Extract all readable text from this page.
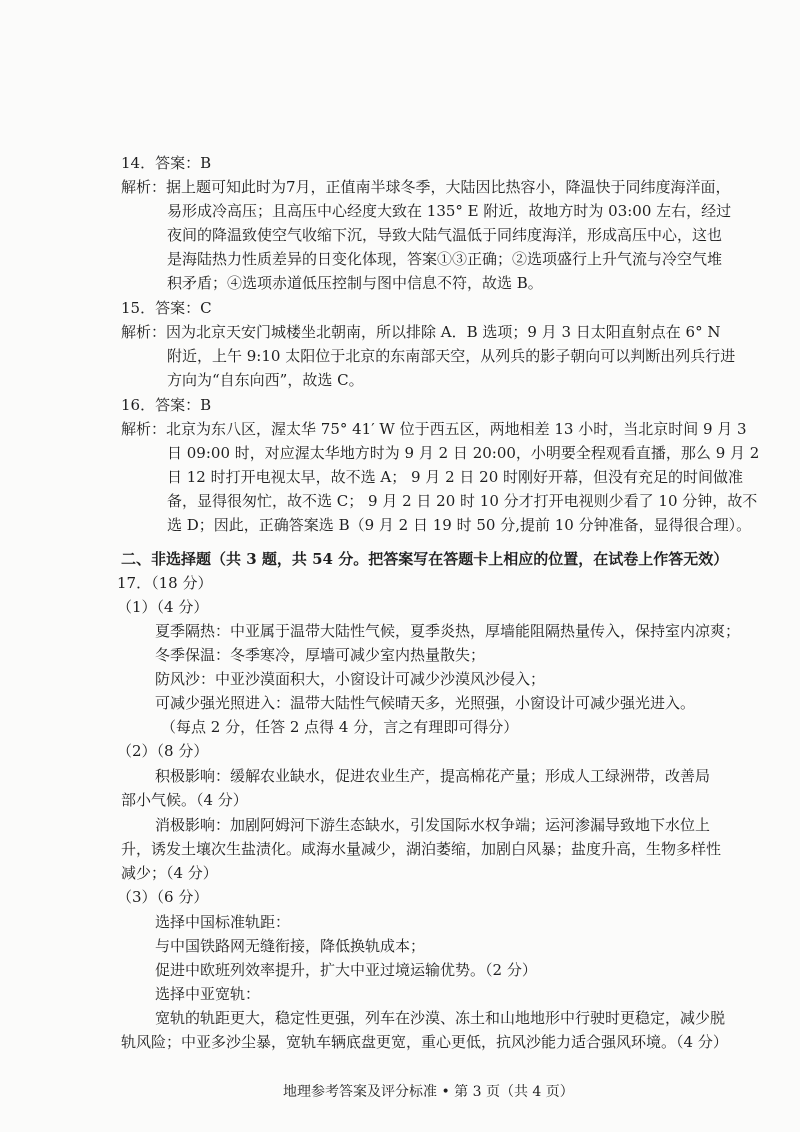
14．答案：B
解析：据上题可知此时为7月，正值南半球冬季，大陆因比热容小，降温快于同纬度海洋面，
易形成冷高压；且高压中心经度大致在 135° E 附近，故地方时为 03:00 左右，经过
夜间的降温致使空气收缩下沉，导致大陆气温低于同纬度海洋，形成高压中心，这也
是海陆热力性质差异的日变化体现，答案①③正确；②选项盛行上升气流与冷空气堆
积矛盾；④选项赤道低压控制与图中信息不符，故选 B。
15．答案：C
解析：因为北京天安门城楼坐北朝南，所以排除 A．B 选项；9 月 3 日太阳直射点在 6° N
附近，上午 9:10 太阳位于北京的东南部天空，从列兵的影子朝向可以判断出列兵行进
方向为“自东向西”，故选 C。
16．答案：B
解析：北京为东八区，渥太华 75° 41′ W 位于西五区，两地相差 13 小时，当北京时间 9 月 3
日 09:00 时，对应渥太华地方时为 9 月 2 日 20:00，小明要全程观看直播，那么 9 月 2
日 12 时打开电视太早，故不选 A； 9 月 2 日 20 时刚好开幕，但没有充足的时间做准
备，显得很匆忙，故不选 C； 9 月 2 日 20 时 10 分才打开电视则少看了 10 分钟，故不
选 D；因此，正确答案选 B（9 月 2 日 19 时 50 分,提前 10 分钟准备，显得很合理）。
二、非选择题（共 3 题，共 54 分。把答案写在答题卡上相应的位置，在试卷上作答无效）
17．（18 分）
（1）（4 分）
夏季隔热：中亚属于温带大陆性气候，夏季炎热，厚墙能阻隔热量传入，保持室内凉爽；
冬季保温：冬季寒冷，厚墙可减少室内热量散失；
防风沙：中亚沙漠面积大，小窗设计可减少沙漠风沙侵入；
可减少强光照进入：温带大陆性气候晴天多，光照强，小窗设计可减少强光进入。
（每点 2 分，任答 2 点得 4 分，言之有理即可得分）
（2）（8 分）
积极影响：缓解农业缺水，促进农业生产，提高棉花产量；形成人工绿洲带，改善局
部小气候。（4 分）
消极影响：加剧阿姆河下游生态缺水，引发国际水权争端；运河渗漏导致地下水位上
升，诱发土壤次生盐渍化。咸海水量减少，湖泊萎缩，加剧白风暴；盐度升高，生物多样性
减少；（4 分）
（3）（6 分）
选择中国标准轨距：
与中国铁路网无缝衔接，降低换轨成本；
促进中欧班列效率提升，扩大中亚过境运输优势。（2 分）
选择中亚宽轨：
宽轨的轨距更大，稳定性更强，列车在沙漠、冻土和山地地形中行驶时更稳定，减少脱
轨风险；中亚多沙尘暴，宽轨车辆底盘更宽，重心更低，抗风沙能力适合强风环境。（4 分）
地理参考答案及评分标准 • 第 3 页（共 4 页）
